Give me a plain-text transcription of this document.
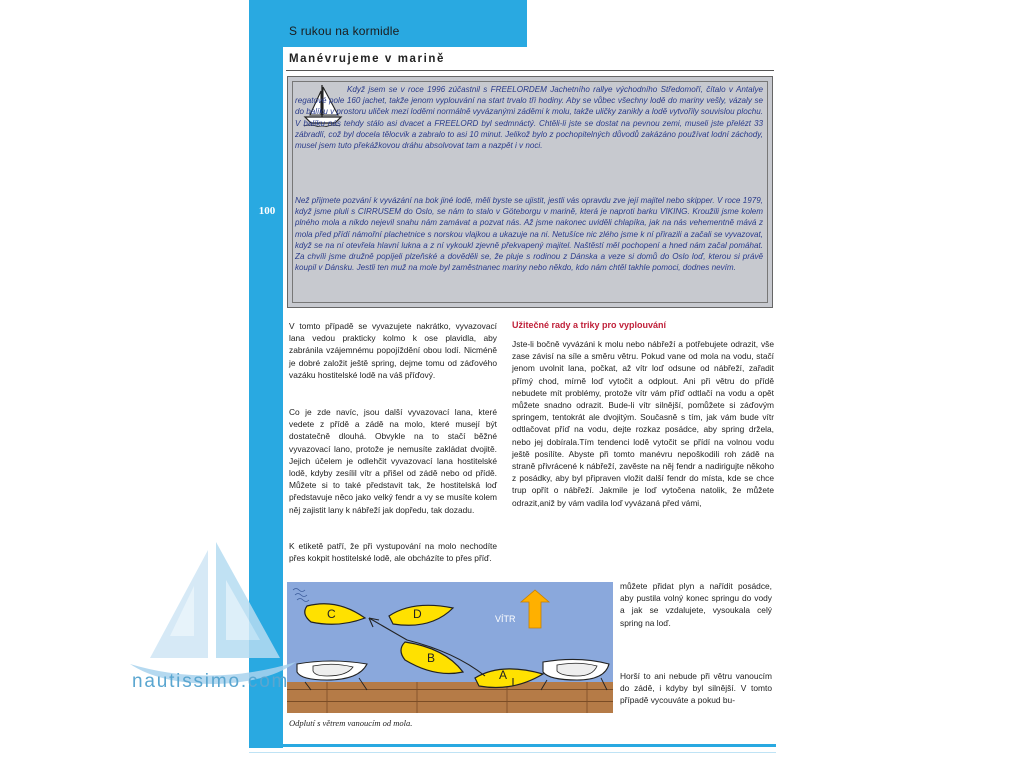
100
S rukou na kormidle
Manévrujeme v marině
Když jsem se v roce 1996 zúčastnil s FREELORDEM Jachetního rallye východního Středomoří, čítalo v Antalye regatové pole 160 jachet, takže jenom vyplouvání na start trvalo tři hodiny. Aby se vůbec všechny lodě do mariny vešly, vázaly se do balíku v prostoru uliček mezi loděmi normálně vyvázanými záděmi k molu, takže uličky zanikly a lodě vytvořily souvislou plochu. V balíku nás tehdy stálo asi dvacet a FREELORD byl sedmnáctý. Chtěli-li jste se dostat na pevnou zemi, museli jste přelézt 33 zábradlí, což byl docela tělocvik a zabralo to asi 10 minut. Jelikož bylo z pochopitelných důvodů zakázáno používat lodní záchody, musel jsem tuto překážkovou dráhu absolvovat tam a nazpět i v noci.
Než přijmete pozvání k vyvázání na bok jiné lodě, měli byste se ujistit, jestli vás opravdu zve její majitel nebo skipper. V roce 1979, když jsme pluli s CIRRUSEM do Oslo, se nám to stalo v Göteborgu v marině, která je naproti barku VIKING. Kroužili jsme kolem plného mola a nikdo nejevil snahu nám zamávat a pozvat nás. Až jsme nakonec uviděli chlapíka, jak na nás vehementně mává z mola před přídí námořní plachetnice s norskou vlajkou a ukazuje na ni. Netušíce nic zlého jsme k ní přirazili a začali se vyvazovat, když se na ní otevřela hlavní lukna a z ní vykoukl zjevně překvapený majitel. Naštěstí měl pochopení a hned nám začal pomáhat. Za chvíli jsme družně popíjeli plzeňské a dověděli se, že pluje s rodinou z Dánska a veze si domů do Oslo loď, kterou si právě koupil v Dánsku. Jestli ten muž na mole byl zaměstnanec mariny nebo někdo, kdo nám chtěl takhle pomoci, dodnes nevím.
V tomto případě se vyvazujete nakrátko, vyvazovací lana vedou prakticky kolmo k ose plavidla, aby zabránila vzájemnému popojíždění obou lodí. Nicméně je dobré založit ještě spring, dejme tomu od záďového vazáku hostitelské lodě na váš příďový.
Co je zde navíc, jsou další vyvazovací lana, které vedete z přídě a zádě na molo, které musejí být dostatečně dlouhá. Obvykle na to stačí běžné vyvazovací lano, protože je nemusíte zakládat dvojitě. Jejich účelem je odlehčit vyvazovací lana hostitelské lodě, kdyby zesílil vítr a přišel od zádě nebo od přídě. Můžete si to také představit tak, že hostitelská loď představuje něco jako velký fendr a vy se musíte kolem něj zajistit lany k nábřeží jak dopředu, tak dozadu.
K etiketě patří, že při vystupování na molo nechodíte přes kokpit hostitelské lodě, ale obcházíte to přes příď.
Užitečné rady a triky pro vyplouvání
Jste-li bočně vyvázáni k molu nebo nábřeží a potřebujete odrazit, vše zase závisí na síle a směru větru. Pokud vane od mola na vodu, stačí jenom uvolnit lana, počkat, až vítr loď odsune od nábřeží, zařadit přímý chod, mírně loď vytočit a odplout. Ani při větru do přídě nebudete mít problémy, protože vítr vám příď odtlačí na vodu a opět můžete snadno odrazit. Bude-li vítr silnější, pomůžete si záďovým springem, tentokrát ale dvojitým. Současně s tím, jak vám bude vítr odtlačovat příď na vodu, dejte rozkaz posádce, aby spring držela, nebo jej dobírala.Tím tendenci lodě vytočit se přídí na volnou vodu ještě posílíte. Abyste při tomto manévru nepoškodili roh zádě na straně přivrácené k nábřeží, zavěste na něj fendr a nadirigujte někoho z posádky, aby byl připraven vložit další fendr do místa, kde se chce trup opřít o nábřeží. Jakmile je loď vytočena natolik, že můžete odrazit,aniž by vám vadila loď vyvázaná před vámi,
můžete přidat plyn a nařídit posádce, aby pustila volný konec springu do vody a jak se vzdalujete, vysoukala celý spring na loď.
Horší to ani nebude při větru vanoucím do zádě, i kdyby byl silnější. V tomto případě vycouváte a pokud bu-
A
B
C	D	VÍTR
Odplutí s větrem vanoucím od mola.
nautissimo.com
